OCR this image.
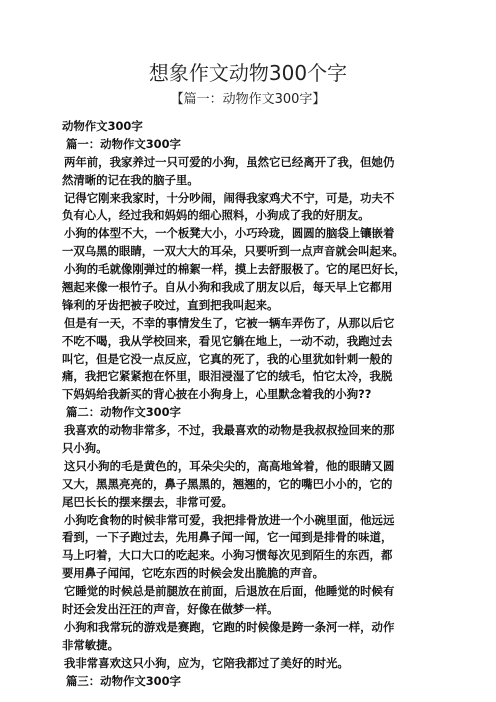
想象作文动物300个字
【篇一：动物作文300字】

动物作文300字

篇一：动物作文300字

两年前，我家养过一只可爱的小狗，虽然它已经离开了我，但她仍

然清晰的记在我的脑子里。

记得它刚来我家时，十分吵闹，闹得我家鸡犬不宁，可是，功夫不

负有心人，经过我和妈妈的细心照料，小狗成了我的好朋友。

小狗的体型不大，一个板凳大小，小巧玲珑，圆圆的脑袋上镶嵌着

一双乌黑的眼睛，一双大大的耳朵，只要听到一点声音就会叫起来。

小狗的毛就像刚弹过的棉絮一样，摸上去舒服极了。它的尾巴好长，

翘起来像一根竹子。自从小狗和我成了朋友以后，每天早上它都用

锋利的牙齿把被子咬过，直到把我叫起来。

但是有一天，不幸的事情发生了，它被一辆车弄伤了，从那以后它

不吃不喝，我从学校回来，看见它躺在地上，一动不动，我跑过去

叫它，但是它没一点反应，它真的死了，我的心里犹如针刺一般的

痛，我把它紧紧抱在怀里，眼泪浸湿了它的绒毛，怕它太冷，我脱

下妈妈给我新买的背心披在小狗身上，心里默念着我的小狗??

篇二：动物作文300字

我喜欢的动物非常多，不过，我最喜欢的动物是我叔叔捡回来的那

只小狗。

这只小狗的毛是黄色的，耳朵尖尖的，高高地耸着，他的眼睛又圆

又大，黑黑亮亮的，鼻子黑黑的，翘翘的，它的嘴巴小小的，它的

尾巴长长的摆来摆去，非常可爱。

小狗吃食物的时候非常可爱，我把排骨放进一个小碗里面，他远远

看到，一下子跑过去，先用鼻子闻一闻，它一闻到是排骨的味道，

马上叼着，大口大口的吃起来。小狗习惯每次见到陌生的东西，都

要用鼻子闻闻，它吃东西的时候会发出脆脆的声音。

它睡觉的时候总是前腿放在前面，后退放在后面，他睡觉的时候有

时还会发出汪汪的声音，好像在做梦一样。

小狗和我常玩的游戏是赛跑，它跑的时候像是跨一条河一样，动作

非常敏捷。

我非常喜欢这只小狗，应为，它陪我都过了美好的时光。

篇三：动物作文300字
